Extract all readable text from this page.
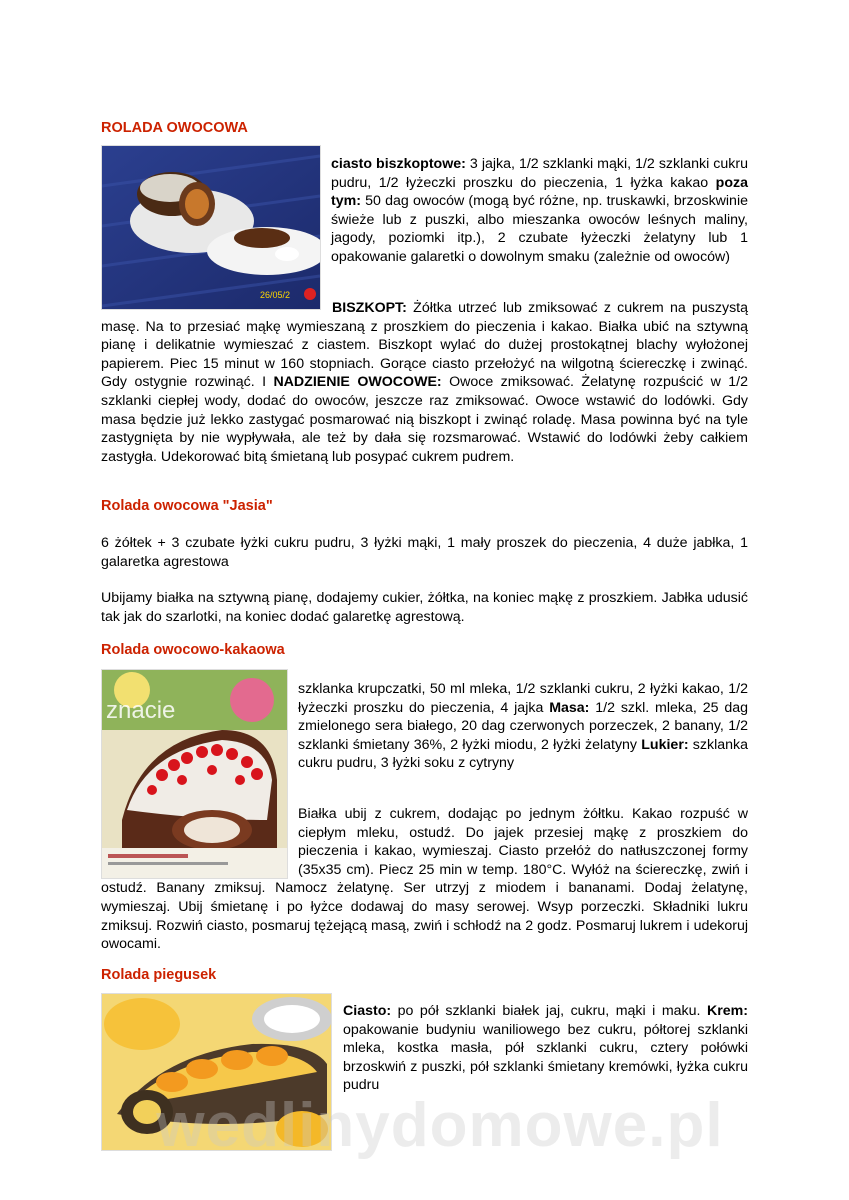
ROLADA OWOCOWA
26/05/2

ciasto biszkoptowe: 3 jajka, 1/2 szklanki mąki, 1/2 szklanki cukru pudru, 1/2 łyżeczki proszku do pieczenia, 1 łyżka kakao poza tym: 50 dag owoców (mogą być różne, np. truskawki, brzoskwinie świeże lub z puszki, albo mieszanka owoców leśnych maliny, jagody, poziomki itp.), 2 czubate łyżeczki żelatyny lub 1 opakowanie galaretki o dowolnym smaku (zależnie od owoców)

BISZKOPT: Żółtka utrzeć lub zmiksować z cukrem na puszystą masę. Na to przesiać mąkę wymieszaną z proszkiem do pieczenia i kakao. Białka ubić na sztywną pianę i delikatnie wymieszać z ciastem. Biszkopt wylać do dużej prostokątnej blachy wyłożonej papierem. Piec 15 minut w 160 stopniach. Gorące ciasto przełożyć na wilgotną ściereczkę i zwinąć. Gdy ostygnie rozwinąć. I NADZIENIE OWOCOWE: Owoce zmiksować. Żelatynę rozpuścić w 1/2 szklanki ciepłej wody, dodać do owoców, jeszcze raz zmiksować. Owoce wstawić do lodówki. Gdy masa będzie już lekko zastygać posmarować nią biszkopt i zwinąć roladę. Masa powinna być na tyle zastygnięta by nie wypływała, ale też by dała się rozsmarować. Wstawić do lodówki żeby całkiem zastygła. Udekorować bitą śmietaną lub posypać cukrem pudrem.

Rolada owocowa "Jasia"

6 żółtek + 3 czubate łyżki cukru pudru, 3 łyżki mąki, 1 mały proszek do pieczenia, 4 duże jabłka, 1 galaretka agrestowa

Ubijamy białka na sztywną pianę, dodajemy cukier, żółtka, na koniec mąkę z proszkiem. Jabłka udusić tak jak do szarlotki, na koniec dodać galaretkę agrestową.

Rolada owocowo-kakaowa
znacie

szklanka krupczatki, 50 ml mleka, 1/2 szklanki cukru, 2 łyżki kakao, 1/2 łyżeczki proszku do pieczenia, 4 jajka Masa: 1/2 szkl. mleka, 25 dag zmielonego sera białego, 20 dag czerwonych porzeczek, 2 banany, 1/2 szklanki śmietany 36%, 2 łyżki miodu, 2 łyżki żelatyny Lukier: szklanka cukru pudru, 3 łyżki soku z cytryny

Białka ubij z cukrem, dodając po jednym żółtku. Kakao rozpuść w ciepłym mleku, ostudź. Do jajek przesiej mąkę z proszkiem do pieczenia i kakao, wymieszaj. Ciasto przełóż do natłuszczonej formy (35x35 cm). Piecz 25 min w temp. 180°C. Wyłóż na ściereczkę, zwiń i ostudź. Banany zmiksuj. Namocz żelatynę. Ser utrzyj z miodem i bananami. Dodaj żelatynę, wymieszaj. Ubij śmietanę i po łyżce dodawaj do masy serowej. Wsyp porzeczki. Składniki lukru zmiksuj. Rozwiń ciasto, posmaruj tężejącą masą, zwiń i schłodź na 2 godz. Posmaruj lukrem i udekoruj owocami.

Rolada piegusek

Ciasto: po pół szklanki białek jaj, cukru, mąki i maku. Krem: opakowanie budyniu waniliowego bez cukru, półtorej szklanki mleka, kostka masła, pół szklanki cukru, cztery połówki brzoskwiń z puszki, pół szklanki śmietany kremówki, łyżka cukru pudru

wedlinydomowe.pl
